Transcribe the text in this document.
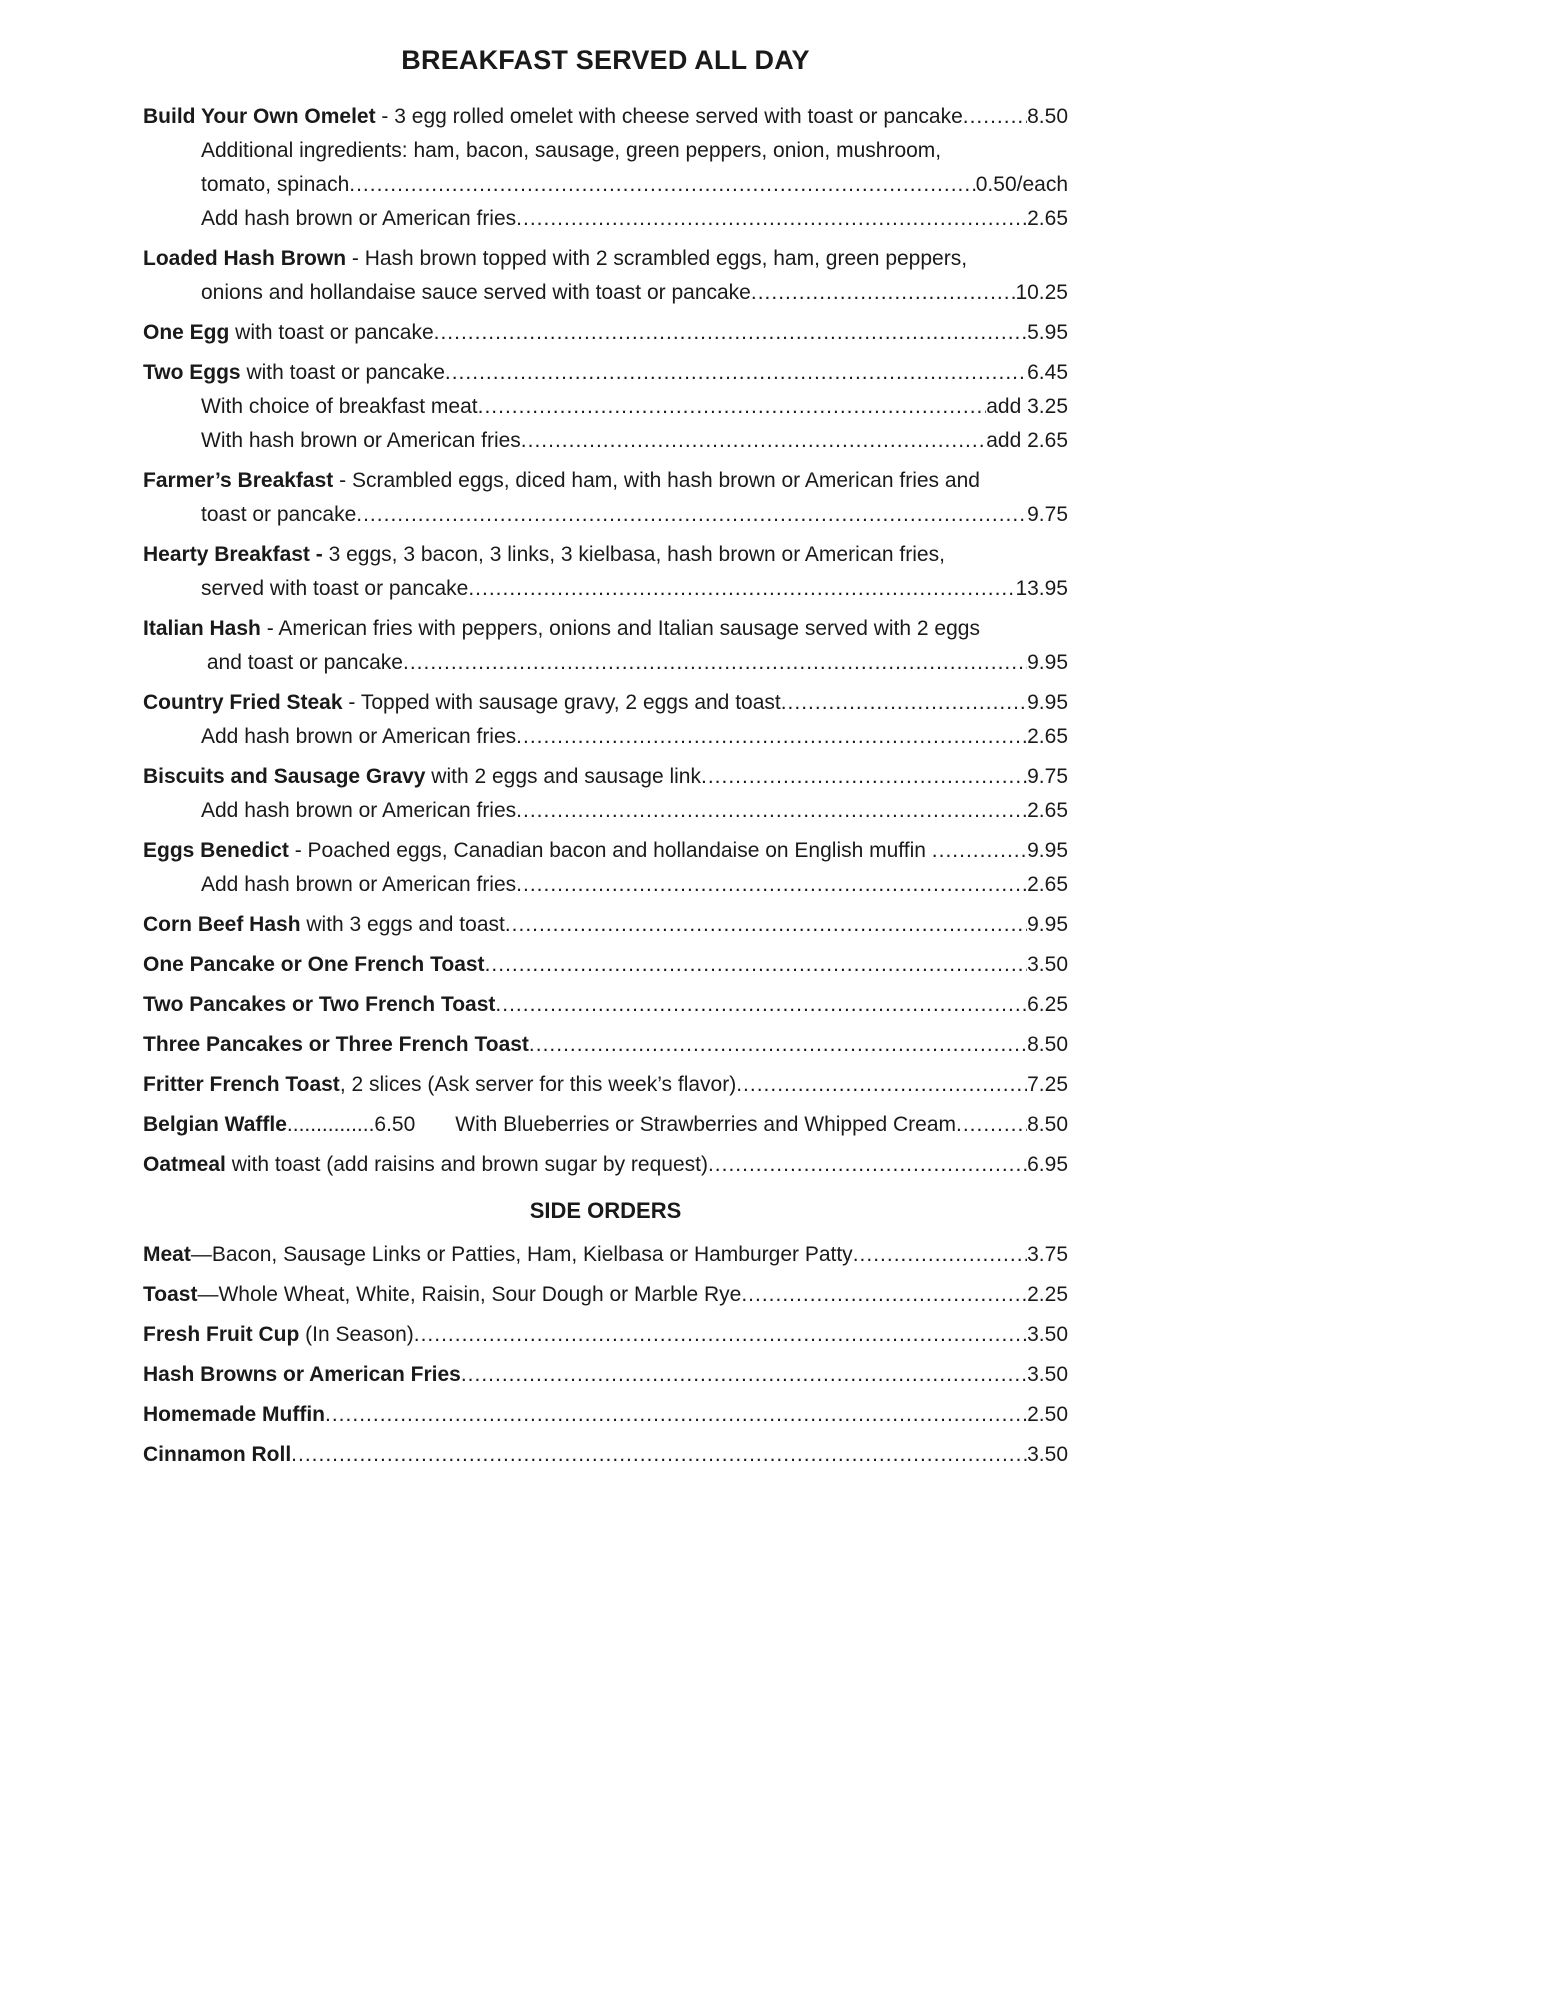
BREAKFAST SERVED ALL DAY
Build Your Own Omelet - 3 egg rolled omelet with cheese served with toast or pancake .....	8.50
Additional ingredients: ham, bacon, sausage, green peppers, onion, mushroom,
tomato, spinach .....	0.50/each
Add hash brown or American fries .....	2.65
Loaded Hash Brown - Hash brown topped with 2 scrambled eggs, ham, green peppers,
onions and hollandaise sauce served with toast or pancake .....	10.25
One Egg with toast or pancake .....	5.95
Two Eggs with toast or pancake .....	6.45
With choice of breakfast meat .....	add 3.25
With hash brown or American fries .....	add 2.65
Farmer’s Breakfast - Scrambled eggs, diced ham, with hash brown or American fries and
toast or pancake .....	9.75
Hearty Breakfast - 3 eggs, 3 bacon, 3 links, 3 kielbasa, hash brown or American fries,
served with toast or pancake .....	13.95
Italian Hash - American fries with peppers, onions and Italian sausage served with 2 eggs
and toast or pancake .....	9.95
Country Fried Steak - Topped with sausage gravy, 2 eggs and toast .....	9.95
Add hash brown or American fries .....	2.65
Biscuits and Sausage Gravy with 2 eggs and sausage link .....	9.75
Add hash brown or American fries .....	2.65
Eggs Benedict - Poached eggs, Canadian bacon and hollandaise on English muffin .....	9.95
Add hash brown or American fries .....	2.65
Corn Beef Hash with 3 eggs and toast .....	9.95
One Pancake or One French Toast .....	3.50
Two Pancakes or Two French Toast .....	6.25
Three Pancakes or Three French Toast .....	8.50
Fritter French Toast , 2 slices (Ask server for this week’s flavor) .....	7.25
Belgian Waffle ...............6.50 With Blueberries or Strawberries and Whipped Cream .....	8.50
Oatmeal with toast (add raisins and brown sugar by request) .....	6.95
SIDE ORDERS
Meat —Bacon, Sausage Links or Patties, Ham, Kielbasa or Hamburger Patty .....	3.75
Toast —Whole Wheat, White, Raisin, Sour Dough or Marble Rye .....	2.25
Fresh Fruit Cup (In Season) .....	3.50
Hash Browns or American Fries .....	3.50
Homemade Muffin .....	2.50
Cinnamon Roll .....	3.50
